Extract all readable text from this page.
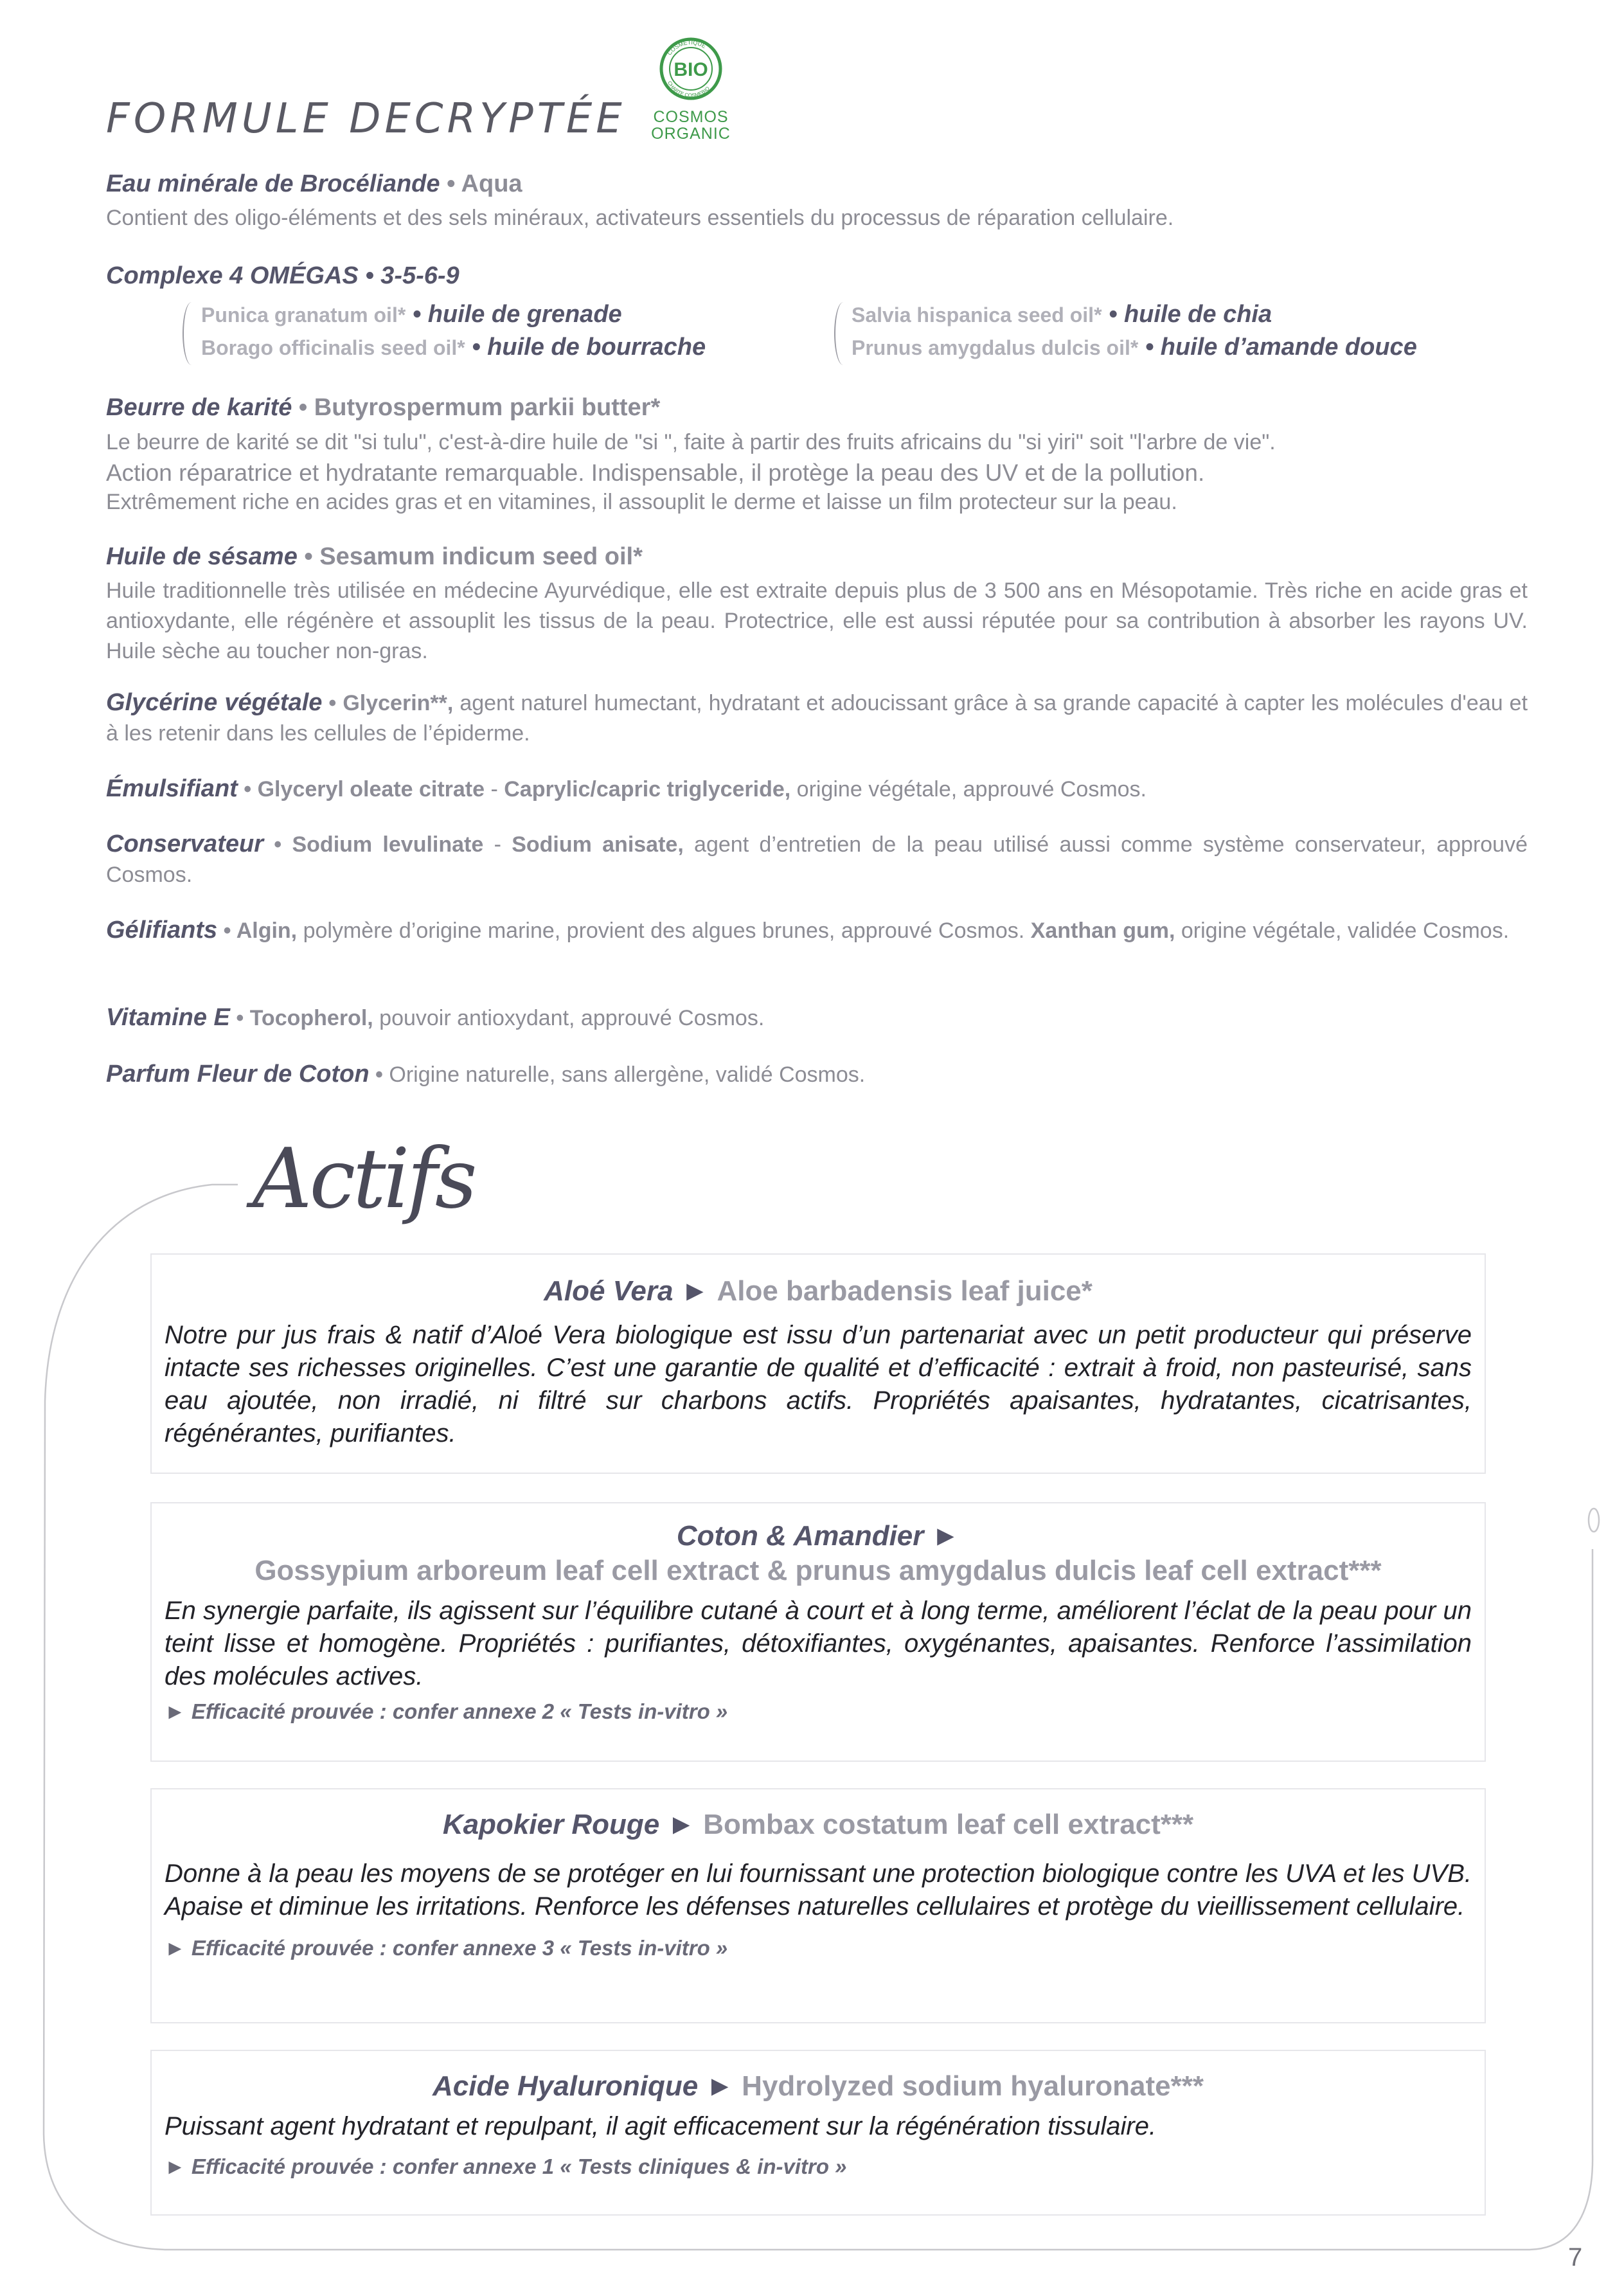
FORMULE DECRYPTÉE
COSMÉTIQUE
CHARTE COSMEBIO
BIO
COSMOS
ORGANIC
Eau minérale de Brocéliande • Aqua
Contient des oligo-éléments et des sels minéraux, activateurs essentiels du processus de réparation cellulaire.
Complexe 4 OMÉGAS • 3-5-6-9
Punica granatum oil* • huile de grenade
Borago officinalis seed oil* • huile de bourrache
Salvia hispanica seed oil* • huile de chia
Prunus amygdalus dulcis oil* • huile d’amande douce
Beurre de karité • Butyrospermum parkii butter*
Le beurre de karité se dit "si tulu", c'est-à-dire huile de "si ", faite à partir des fruits africains du "si yiri" soit "l'arbre de vie".
Action réparatrice et hydratante remarquable. Indispensable, il protège la peau des UV et de la pollution.
Extrêmement riche en acides gras et en vitamines, il assouplit le derme et laisse un film protecteur sur la peau.
Huile de sésame • Sesamum indicum seed oil*
Huile traditionnelle très utilisée en médecine Ayurvédique, elle est extraite depuis plus de 3 500 ans en Mésopotamie. Très riche en acide gras et antioxydante, elle régénère et assouplit les tissus de la peau. Protectrice, elle est aussi réputée pour sa contribution à absorber les rayons UV. Huile sèche au toucher non-gras.
Glycérine végétale • Glycerin**, agent naturel humectant, hydratant et adoucissant grâce à sa grande capacité à capter les molécules d'eau et à les retenir dans les cellules de l’épiderme.
Émulsifiant • Glyceryl oleate citrate - Caprylic/capric triglyceride, origine végétale, approuvé Cosmos.
Conservateur • Sodium levulinate - Sodium anisate, agent d’entretien de la peau utilisé aussi comme système conservateur, approuvé Cosmos.
Gélifiants • Algin, polymère d’origine marine, provient des algues brunes, approuvé Cosmos. Xanthan gum, origine végétale, validée Cosmos.
Vitamine E • Tocopherol, pouvoir antioxydant, approuvé Cosmos.
Parfum Fleur de Coton • Origine naturelle, sans allergène, validé Cosmos.
Actifs
Aloé Vera ► Aloe barbadensis leaf juice*
Notre pur jus frais & natif d’Aloé Vera biologique est issu d’un partenariat avec un petit producteur qui préserve intacte ses richesses originelles. C’est une garantie de qualité et d’efficacité : extrait à froid, non pasteurisé, sans eau ajoutée, non irradié, ni filtré sur charbons actifs. Propriétés apaisantes, hydratantes, cicatrisantes, régénérantes, purifiantes.
Coton & Amandier ►
Gossypium arboreum leaf cell extract & prunus amygdalus dulcis leaf cell extract***
En synergie parfaite, ils agissent sur l’équilibre cutané à court et à long terme, améliorent l’éclat de la peau pour un teint lisse et homogène. Propriétés : purifiantes, détoxifiantes, oxygénantes, apaisantes. Renforce l’assimilation des molécules actives.
► Efficacité prouvée : confer annexe 2 « Tests in-vitro »
Kapokier Rouge ► Bombax costatum leaf cell extract***
Donne à la peau les moyens de se protéger en lui fournissant une protection biologique contre les UVA et les UVB. Apaise et diminue les irritations. Renforce les défenses naturelles cellulaires et protège du vieillissement cellulaire.
► Efficacité prouvée : confer annexe 3 « Tests in-vitro »
Acide Hyaluronique ► Hydrolyzed sodium hyaluronate***
Puissant agent hydratant et repulpant, il agit efficacement sur la régénération tissulaire.
► Efficacité prouvée : confer annexe 1 « Tests cliniques & in-vitro »
7
